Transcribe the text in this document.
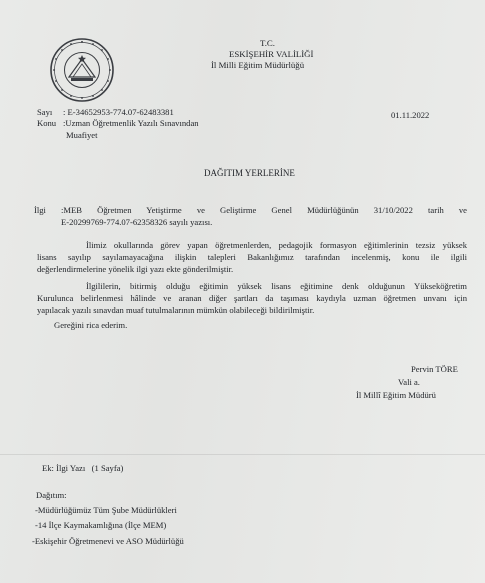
T.C.
ESKİŞEHİR VALİLİĞİ
İl Milli Eğitim Müdürlüğü
Sayı : E-34652953-774.07-62483381	01.11.2022
Konu :Uzman Öğretmenlik Yazılı Sınavından
Muafiyet
DAĞITIM YERLERİNE
İlgi :MEB Öğretmen Yetiştirme ve Geliştirme Genel Müdürlüğünün 31/10/2022 tarih ve
E-20299769-774.07-62358326 sayılı yazısı.
İlimiz okullarında görev yapan öğretmenlerden, pedagojik formasyon eğitimlerinin tezsiz yüksek
lisans sayılıp sayılamayacağına ilişkin talepleri Bakanlığımız tarafından incelenmiş, konu ile ilgili
değerlendirmelerine yönelik ilgi yazı ekte gönderilmiştir.
İlgililerin, bitirmiş olduğu eğitimin yüksek lisans eğitimine denk olduğunun Yükseköğretim
Kurulunca belirlenmesi hâlinde ve aranan diğer şartları da taşıması kaydıyla uzman öğretmen unvanı için
yapılacak yazılı sınavdan muaf tutulmalarının mümkün olabileceği bildirilmiştir.
Gereğini rica ederim.
Pervin TÖRE
Vali a.
İl Millî Eğitim Müdürü
Ek: İlgi Yazı   (1 Sayfa)
Dağıtım:
-Müdürlüğümüz Tüm Şube Müdürlükleri
-14 İlçe Kaymakamlığına (İlçe MEM)
-Eskişehir Öğretmenevi ve ASO Müdürlüğü
